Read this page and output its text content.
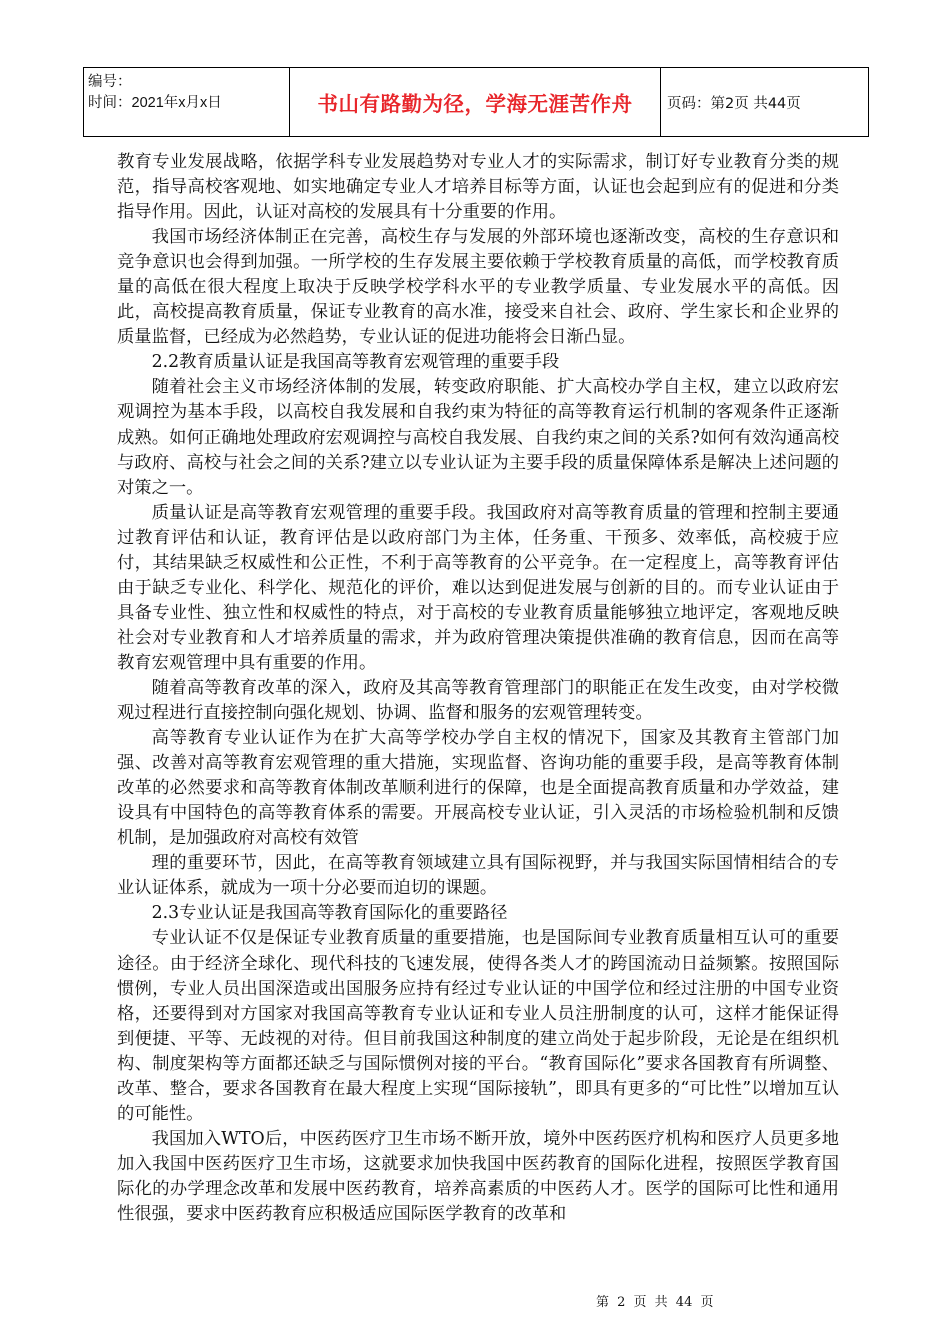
编号：
时间：2021年x月x日	书山有路勤为径，学海无涯苦作舟	页码：第2页 共44页

教育专业发展战略，依据学科专业发展趋势对专业人才的实际需求，制订好专业教育分类的规范，指导高校客观地、如实地确定专业人才培养目标等方面，认证也会起到应有的促进和分类指导作用。因此，认证对高校的发展具有十分重要的作用。

我国市场经济体制正在完善，高校生存与发展的外部环境也逐渐改变，高校的生存意识和竞争意识也会得到加强。一所学校的生存发展主要依赖于学校教育质量的高低，而学校教育质量的高低在很大程度上取决于反映学校学科水平的专业教学质量、专业发展水平的高低。因此，高校提高教育质量，保证专业教育的高水准，接受来自社会、政府、学生家长和企业界的质量监督，已经成为必然趋势，专业认证的促进功能将会日渐凸显。

2.2教育质量认证是我国高等教育宏观管理的重要手段

随着社会主义市场经济体制的发展，转变政府职能、扩大高校办学自主权，建立以政府宏观调控为基本手段，以高校自我发展和自我约束为特征的高等教育运行机制的客观条件正逐渐成熟。如何正确地处理政府宏观调控与高校自我发展、自我约束之间的关系?如何有效沟通高校与政府、高校与社会之间的关系?建立以专业认证为主要手段的质量保障体系是解决上述问题的对策之一。

质量认证是高等教育宏观管理的重要手段。我国政府对高等教育质量的管理和控制主要通过教育评估和认证，教育评估是以政府部门为主体，任务重、干预多、效率低，高校疲于应付，其结果缺乏权威性和公正性，不利于高等教育的公平竞争。在一定程度上，高等教育评估由于缺乏专业化、科学化、规范化的评价，难以达到促进发展与创新的目的。而专业认证由于具备专业性、独立性和权威性的特点，对于高校的专业教育质量能够独立地评定，客观地反映社会对专业教育和人才培养质量的需求，并为政府管理决策提供准确的教育信息，因而在高等教育宏观管理中具有重要的作用。

随着高等教育改革的深入，政府及其高等教育管理部门的职能正在发生改变，由对学校微观过程进行直接控制向强化规划、协调、监督和服务的宏观管理转变。

高等教育专业认证作为在扩大高等学校办学自主权的情况下，国家及其教育主管部门加强、改善对高等教育宏观管理的重大措施，实现监督、咨询功能的重要手段，是高等教育体制改革的必然要求和高等教育体制改革顺利进行的保障，也是全面提高教育质量和办学效益，建设具有中国特色的高等教育体系的需要。开展高校专业认证，引入灵活的市场检验机制和反馈机制，是加强政府对高校有效管

理的重要环节，因此，在高等教育领域建立具有国际视野，并与我国实际国情相结合的专业认证体系，就成为一项十分必要而迫切的课题。

2.3专业认证是我国高等教育国际化的重要路径

专业认证不仅是保证专业教育质量的重要措施，也是国际间专业教育质量相互认可的重要途径。由于经济全球化、现代科技的飞速发展，使得各类人才的跨国流动日益频繁。按照国际惯例，专业人员出国深造或出国服务应持有经过专业认证的中国学位和经过注册的中国专业资格，还要得到对方国家对我国高等教育专业认证和专业人员注册制度的认可，这样才能保证得到便捷、平等、无歧视的对待。但目前我国这种制度的建立尚处于起步阶段，无论是在组织机构、制度架构等方面都还缺乏与国际惯例对接的平台。“教育国际化”要求各国教育有所调整、改革、整合，要求各国教育在最大程度上实现“国际接轨”，即具有更多的“可比性”以增加互认的可能性。

我国加入WTO后，中医药医疗卫生市场不断开放，境外中医药医疗机构和医疗人员更多地加入我国中医药医疗卫生市场，这就要求加快我国中医药教育的国际化进程，按照医学教育国际化的办学理念改革和发展中医药教育，培养高素质的中医药人才。医学的国际可比性和通用性很强，要求中医药教育应积极适应国际医学教育的改革和

第 2 页 共 44 页
